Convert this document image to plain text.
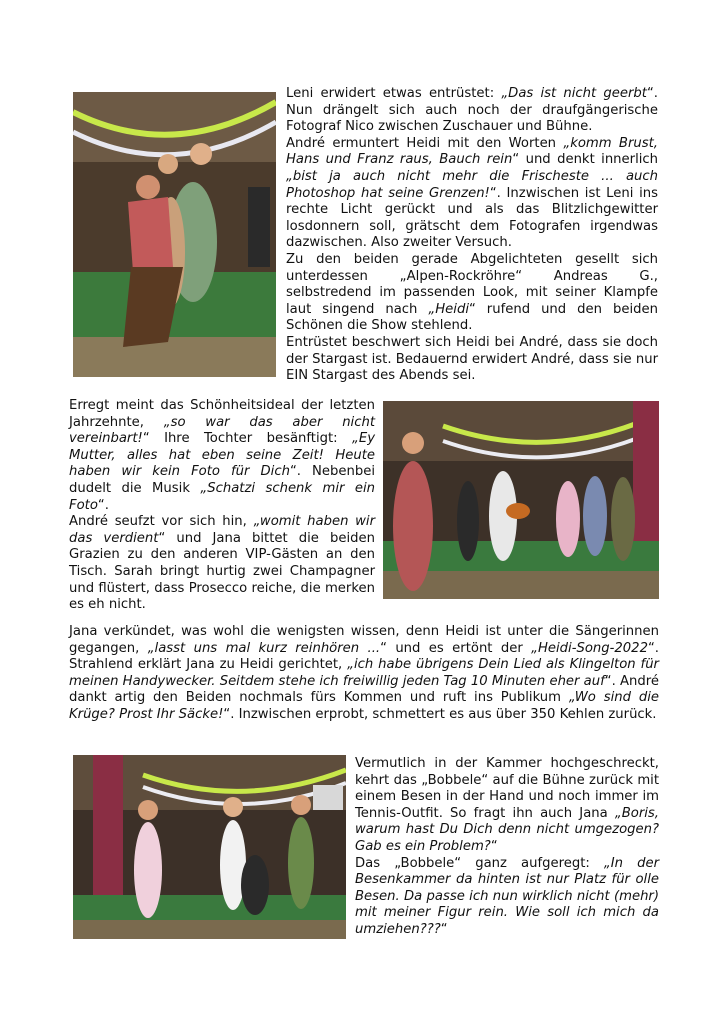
Leni erwidert etwas entrüstet: „Das ist nicht geerbt“. Nun drängelt sich auch noch der draufgängerische Fotograf Nico zwischen Zuschauer und Bühne.

André ermuntert Heidi mit den Worten „komm Brust, Hans und Franz raus, Bauch rein“ und denkt innerlich „bist ja auch nicht mehr die Frischeste ... auch Photoshop hat seine Grenzen!“. Inzwischen ist Leni ins rechte Licht gerückt und als das Blitzlichgewitter losdonnern soll, grätscht dem Fotografen irgendwas dazwischen. Also zweiter Versuch.

Zu den beiden gerade Abgelichteten gesellt sich unterdessen „Alpen-Rockröhre“ Andreas G., selbstredend im passenden Look, mit seiner Klampfe laut singend nach „Heidi“ rufend und den beiden Schönen die Show stehlend.

Entrüstet beschwert sich Heidi bei André, dass sie doch der Stargast ist. Bedauernd erwidert André, dass sie nur EIN Stargast des Abends sei.

Erregt meint das Schönheitsideal der letzten Jahrzehnte, „so war das aber nicht vereinbart!“ Ihre Tochter besänftigt: „Ey Mutter, alles hat eben seine Zeit! Heute haben wir kein Foto für Dich“. Nebenbei dudelt die Musik „Schatzi schenk mir ein Foto“.

André seufzt vor sich hin, „womit haben wir das verdient“ und Jana bittet die beiden Grazien zu den anderen VIP-Gästen an den Tisch. Sarah bringt hurtig zwei Champagner und flüstert, dass Prosecco reiche, die merken es eh nicht.

Jana verkündet, was wohl die wenigsten wissen, denn Heidi ist unter die Sängerinnen gegangen, „lasst uns mal kurz reinhören ...“ und es ertönt der „Heidi-Song-2022“. Strahlend erklärt Jana zu Heidi gerichtet, „ich habe übrigens Dein Lied als Klingelton für meinen Handywecker. Seitdem stehe ich freiwillig jeden Tag 10 Minuten eher auf“. André dankt artig den Beiden nochmals fürs Kommen und ruft ins Publikum „Wo sind die Krüge? Prost Ihr Säcke!“. Inzwischen erprobt, schmettert es aus über 350 Kehlen zurück.

Vermutlich in der Kammer hochgeschreckt, kehrt das „Bobbele“ auf die Bühne zurück mit einem Besen in der Hand und noch immer im Tennis-Outfit. So fragt ihn auch Jana „Boris, warum hast Du Dich denn nicht umgezogen? Gab es ein Problem?“

Das „Bobbele“ ganz aufgeregt: „In der Besenkammer da hinten ist nur Platz für olle Besen. Da passe ich nun wirklich nicht (mehr) mit meiner Figur rein. Wie soll ich mich da umziehen???“
